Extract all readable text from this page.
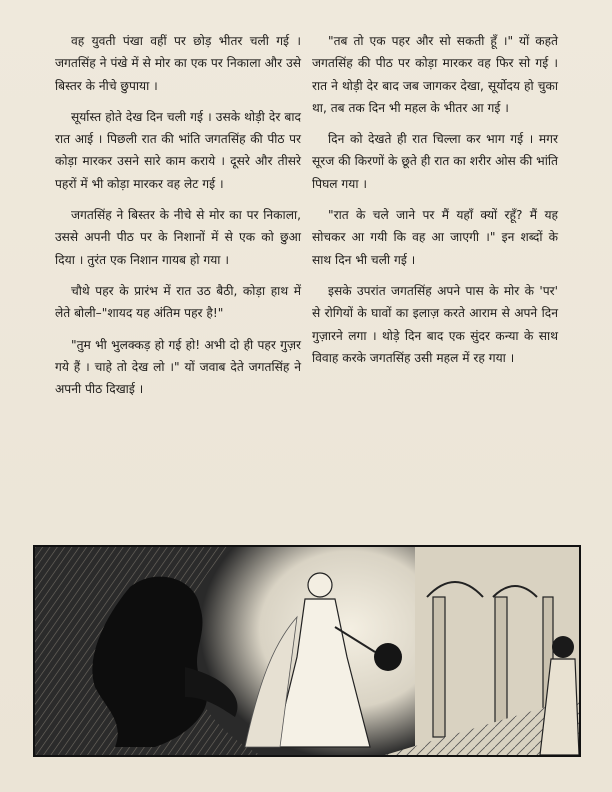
वह युवती पंखा वहीं पर छोड़ भीतर चली गई । जगतसिंह ने पंखे में से मोर का एक पर निकाला और उसे बिस्तर के नीचे छुपाया ।

सूर्यास्त होते देख दिन चली गई । उसके थोड़ी देर बाद रात आई । पिछली रात की भांति जगतसिंह की पीठ पर कोड़ा मारकर उसने सारे काम कराये । दूसरे और तीसरे पहरों में भी कोड़ा मारकर वह लेट गई ।

जगतसिंह ने बिस्तर के नीचे से मोर का पर निकाला, उससे अपनी पीठ पर के निशानों में से एक को छुआ दिया । तुरंत एक निशान गायब हो गया ।

चौथे पहर के प्रारंभ में रात उठ बैठी, कोड़ा हाथ में लेते बोली–"शायद यह अंतिम पहर है!"

"तुम भी भुलक्कड़ हो गई हो! अभी दो ही पहर गुज़र गये हैं । चाहे तो देख लो ।" यों जवाब देते जगतसिंह ने अपनी पीठ दिखाई ।

"तब तो एक पहर और सो सकती हूँ ।" यों कहते जगतसिंह की पीठ पर कोड़ा मारकर वह फिर सो गई । रात ने थोड़ी देर बाद जब जागकर देखा, सूर्योदय हो चुका था, तब तक दिन भी महल के भीतर आ गई ।

दिन को देखते ही रात चिल्ला कर भाग गई । मगर सूरज की किरणों के छूते ही रात का शरीर ओस की भांति पिघल गया ।

"रात के चले जाने पर मैं यहाँ क्यों रहूँ? मैं यह सोचकर आ गयी कि वह आ जाएगी ।" इन शब्दों के साथ दिन भी चली गई ।

इसके उपरांत जगतसिंह अपने पास के मोर के 'पर' से रोगियों के घावों का इलाज़ करते आराम से अपने दिन गुज़ारने लगा । थोड़े दिन बाद एक सुंदर कन्या के साथ विवाह करके जगतसिंह उसी महल में रह गया ।
